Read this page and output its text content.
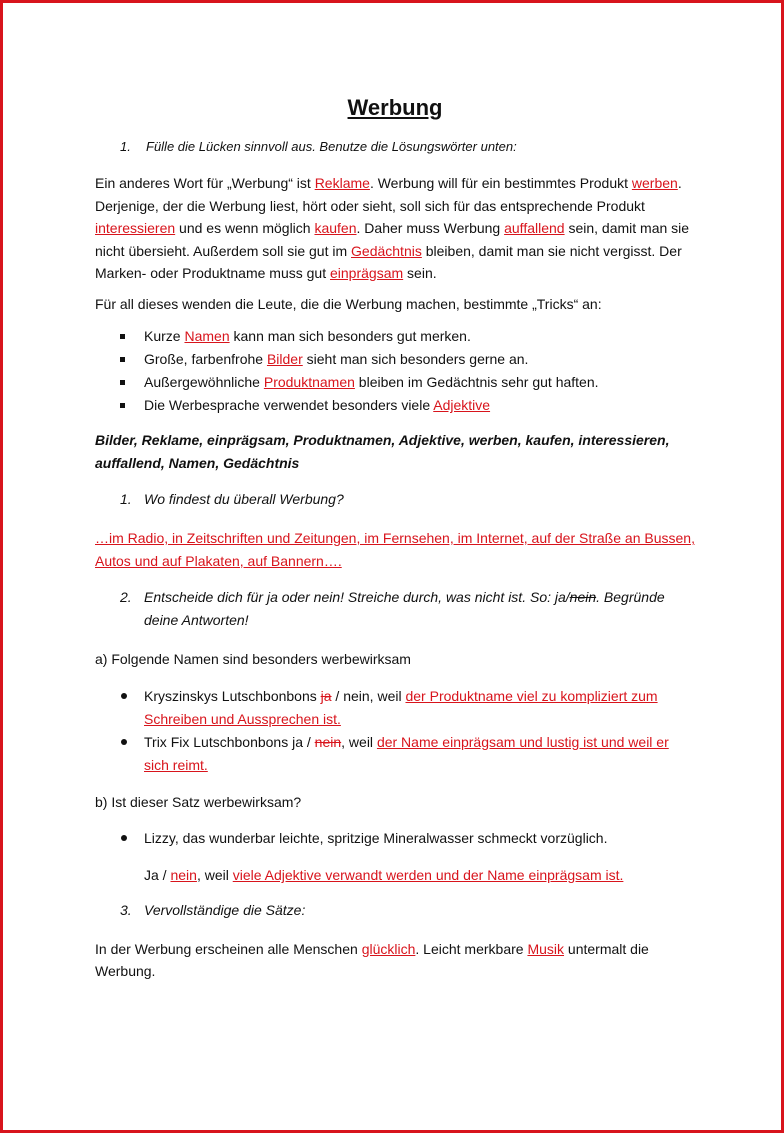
Werbung
1.	Fülle die Lücken sinnvoll aus. Benutze die Lösungswörter unten:

Ein anderes Wort für „Werbung“ ist Reklame. Werbung will für ein bestimmtes Produkt werben. Derjenige, der die Werbung liest, hört oder sieht, soll sich für das entsprechende Produkt interessieren und es wenn möglich kaufen. Daher muss Werbung auffallend sein, damit man sie nicht übersieht. Außerdem soll sie gut im Gedächtnis bleiben, damit man sie nicht vergisst. Der Marken- oder Produktname muss gut einprägsam sein.

Für all dieses wenden die Leute, die die Werbung machen, bestimmte „Tricks“ an:

Kurze Namen kann man sich besonders gut merken.
Große, farbenfrohe Bilder sieht man sich besonders gerne an.
Außergewöhnliche Produktnamen bleiben im Gedächtnis sehr gut haften.
Die Werbesprache verwendet besonders viele Adjektive

Bilder, Reklame, einprägsam, Produktnamen, Adjektive, werben, kaufen, interessieren, auffallend, Namen, Gedächtnis

1. Wo findest du überall Werbung?

…im Radio, in Zeitschriften und Zeitungen, im Fernsehen, im Internet, auf der Straße an Bussen, Autos und auf Plakaten, auf Bannern….

2. Entscheide dich für ja oder nein! Streiche durch, was nicht ist. So: ja/nein. Begründe deine Antworten!

a) Folgende Namen sind besonders werbewirksam

Kryszinskys Lutschbonbons ja / nein, weil der Produktname viel zu kompliziert zum Schreiben und Aussprechen ist.
Trix Fix Lutschbonbons ja / nein, weil der Name einprägsam und lustig ist und weil er sich reimt.

b) Ist dieser Satz werbewirksam?

Lizzy, das wunderbar leichte, spritzige Mineralwasser schmeckt vorzüglich.

Ja / nein, weil viele Adjektive verwandt werden und der Name einprägsam ist.

3. Vervollständige die Sätze:

In der Werbung erscheinen alle Menschen glücklich. Leicht merkbare Musik untermalt die Werbung.
